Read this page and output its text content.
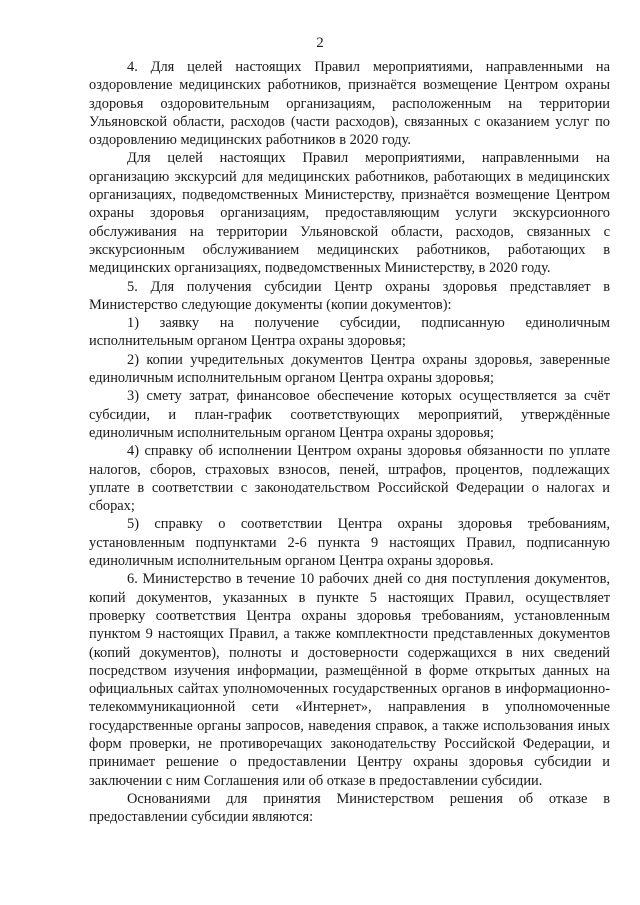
2

4. Для целей настоящих Правил мероприятиями, направленными на оздоровление медицинских работников, признаётся возмещение Центром охраны здоровья оздоровительным организациям, расположенным на территории Ульяновской области, расходов (части расходов), связанных с оказанием услуг по оздоровлению медицинских работников в 2020 году.

Для целей настоящих Правил мероприятиями, направленными на организацию экскурсий для медицинских работников, работающих в медицинских организациях, подведомственных Министерству, признаётся возмещение Центром охраны здоровья организациям, предоставляющим услуги экскурсионного обслуживания на территории Ульяновской области, расходов, связанных с экскурсионным обслуживанием медицинских работников, работающих в медицинских организациях, подведомственных Министерству, в 2020 году.

5. Для получения субсидии Центр охраны здоровья представляет в Министерство следующие документы (копии документов):

1) заявку на получение субсидии, подписанную единоличным исполнительным органом Центра охраны здоровья;

2) копии учредительных документов Центра охраны здоровья, заверенные единоличным исполнительным органом Центра охраны здоровья;

3) смету затрат, финансовое обеспечение которых осуществляется за счёт субсидии, и план-график соответствующих мероприятий, утверждённые единоличным исполнительным органом Центра охраны здоровья;

4) справку об исполнении Центром охраны здоровья обязанности по уплате налогов, сборов, страховых взносов, пеней, штрафов, процентов, подлежащих уплате в соответствии с законодательством Российской Федерации о налогах и сборах;

5) справку о соответствии Центра охраны здоровья требованиям, установленным подпунктами 2-6 пункта 9 настоящих Правил, подписанную единоличным исполнительным органом Центра охраны здоровья.

6. Министерство в течение 10 рабочих дней со дня поступления документов, копий документов, указанных в пункте 5 настоящих Правил, осуществляет проверку соответствия Центра охраны здоровья требованиям, установленным пунктом 9 настоящих Правил, а также комплектности представленных документов (копий документов), полноты и достоверности содержащихся в них сведений посредством изучения информации, размещённой в форме открытых данных на официальных сайтах уполномоченных государственных органов в информационно-телекоммуникационной сети «Интернет», направления в уполномоченные государственные органы запросов, наведения справок, а также использования иных форм проверки, не противоречащих законодательству Российской Федерации, и принимает решение о предоставлении Центру охраны здоровья субсидии и заключении с ним Соглашения или об отказе в предоставлении субсидии.

Основаниями для принятия Министерством решения об отказе в предоставлении субсидии являются:
